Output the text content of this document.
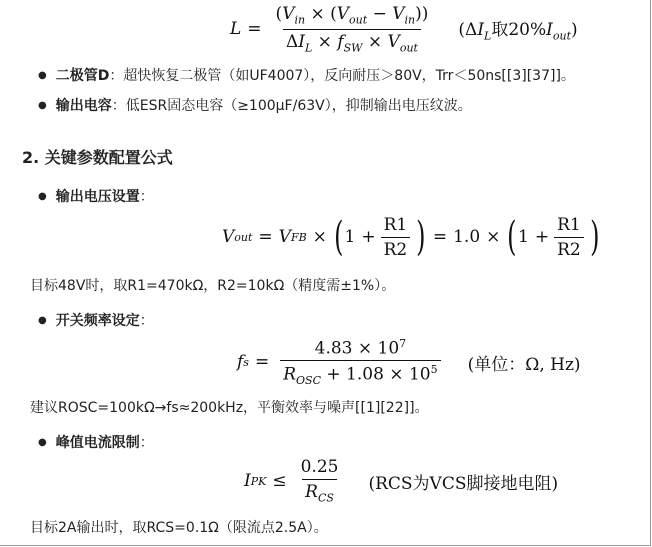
$L = \frac{(V_{in} \times (V_{out} - V_{in}))}{\Delta I_L \times f_{SW} \times V_{out}} (\Delta I_L$取$20\%I_{out}$)
● 二极管D ：超快恢复二极管（如UF4007），反向耐压＞80V，Trr＜50ns[[3][37]]。
● 输出电容 ：低ESR固态电容（≥100μF/63V），抑制输出电压纹波。
2. 关键参数配置公式
● 输出电压设置 ：
V out = V FB × ( $1 + \frac{R1}{R2}$ ) = 1.0 × ( $1 + \frac{R1}{R2}$ )
目标48V时，取R1=470kΩ，R2=10kΩ（精度需±1%）。
● 开关频率设定 ：
f $s = \frac{4.83 \times 10^7}{R_{OSC} + 1.08 \times 10^5}$ (单位：Ω, Hz)
建议ROSC=100kΩ→fs≈200kHz，平衡效率与噪声[[1][22]]。
● 峰值电流限制 ：
I PK ≤ $\frac{0.25}{R_{CS}} (RCS$为VCS脚接地电阻)
目标2A输出时，取RCS=0.1Ω（限流点2.5A）。
